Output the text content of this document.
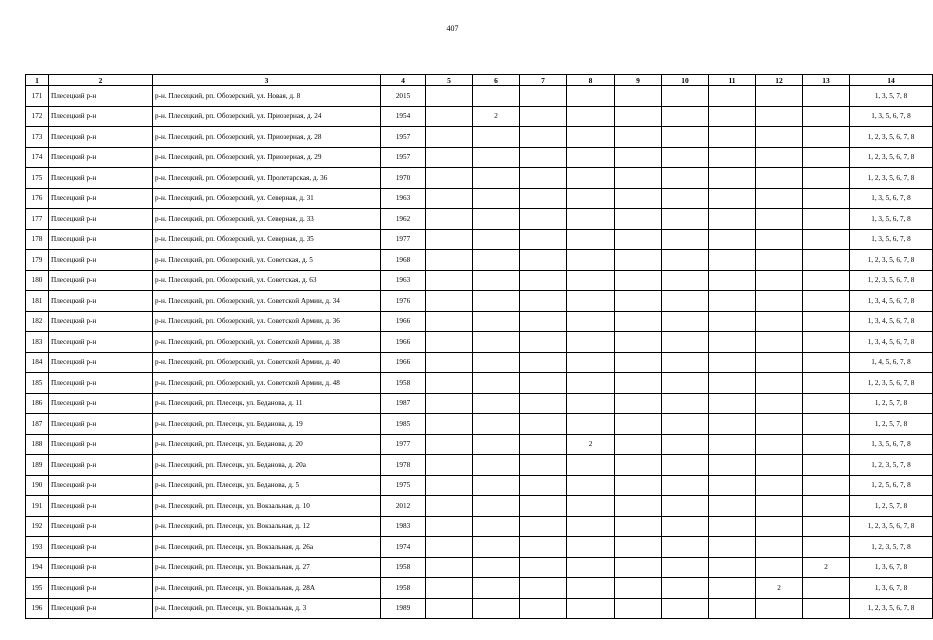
407
1	2	3	4	5	6	7	8	9	10	11	12	13	14
171	Плесецкий р-н	р-н. Плесецкий, рп. Обозерский, ул. Новая, д. 8	2015										1, 3, 5, 7, 8
172	Плесецкий р-н	р-н. Плесецкий, рп. Обозерский, ул. Приозерная, д. 24	1954		2								1, 3, 5, 6, 7, 8
173	Плесецкий р-н	р-н. Плесецкий, рп. Обозерский, ул. Приозерная, д. 28	1957										1, 2, 3, 5, 6, 7, 8
174	Плесецкий р-н	р-н. Плесецкий, рп. Обозерский, ул. Приозерная, д. 29	1957										1, 2, 3, 5, 6, 7, 8
175	Плесецкий р-н	р-н. Плесецкий, рп. Обозерский, ул. Пролетарская, д. 36	1970										1, 2, 3, 5, 6, 7, 8
176	Плесецкий р-н	р-н. Плесецкий, рп. Обозерский, ул. Северная, д. 31	1963										1, 3, 5, 6, 7, 8
177	Плесецкий р-н	р-н. Плесецкий, рп. Обозерский, ул. Северная, д. 33	1962										1, 3, 5, 6, 7, 8
178	Плесецкий р-н	р-н. Плесецкий, рп. Обозерский, ул. Северная, д. 35	1977										1, 3, 5, 6, 7, 8
179	Плесецкий р-н	р-н. Плесецкий, рп. Обозерский, ул. Советская, д. 5	1968										1, 2, 3, 5, 6, 7, 8
180	Плесецкий р-н	р-н. Плесецкий, рп. Обозерский, ул. Советская, д. 63	1963										1, 2, 3, 5, 6, 7, 8
181	Плесецкий р-н	р-н. Плесецкий, рп. Обозерский, ул. Советской Армии, д. 34	1976										1, 3, 4, 5, 6, 7, 8
182	Плесецкий р-н	р-н. Плесецкий, рп. Обозерский, ул. Советской Армии, д. 36	1966										1, 3, 4, 5, 6, 7, 8
183	Плесецкий р-н	р-н. Плесецкий, рп. Обозерский, ул. Советской Армии, д. 38	1966										1, 3, 4, 5, 6, 7, 8
184	Плесецкий р-н	р-н. Плесецкий, рп. Обозерский, ул. Советской Армии, д. 40	1966										1, 4, 5, 6, 7, 8
185	Плесецкий р-н	р-н. Плесецкий, рп. Обозерский, ул. Советской Армии, д. 48	1958										1, 2, 3, 5, 6, 7, 8
186	Плесецкий р-н	р-н. Плесецкий, рп. Плесецк, ул. Беданова, д. 11	1987										1, 2, 5, 7, 8
187	Плесецкий р-н	р-н. Плесецкий, рп. Плесецк, ул. Беданова, д. 19	1985										1, 2, 5, 7, 8
188	Плесецкий р-н	р-н. Плесецкий, рп. Плесецк, ул. Беданова, д. 20	1977				2						1, 3, 5, 6, 7, 8
189	Плесецкий р-н	р-н. Плесецкий, рп. Плесецк, ул. Беданова, д. 20а	1978										1, 2, 3, 5, 7, 8
190	Плесецкий р-н	р-н. Плесецкий, рп. Плесецк, ул. Беданова, д. 5	1975										1, 2, 5, 6, 7, 8
191	Плесецкий р-н	р-н. Плесецкий, рп. Плесецк, ул. Вокзальная, д. 10	2012										1, 2, 5, 7, 8
192	Плесецкий р-н	р-н. Плесецкий, рп. Плесецк, ул. Вокзальная, д. 12	1983										1, 2, 3, 5, 6, 7, 8
193	Плесецкий р-н	р-н. Плесецкий, рп. Плесецк, ул. Вокзальная, д. 26а	1974										1, 2, 3, 5, 7, 8
194	Плесецкий р-н	р-н. Плесецкий, рп. Плесецк, ул. Вокзальная, д. 27	1958									2	1, 3, 6, 7, 8
195	Плесецкий р-н	р-н. Плесецкий, рп. Плесецк, ул. Вокзальная, д. 28А	1958								2		1, 3, 6, 7, 8
196	Плесецкий р-н	р-н. Плесецкий, рп. Плесецк, ул. Вокзальная, д. 3	1989										1, 2, 3, 5, 6, 7, 8
